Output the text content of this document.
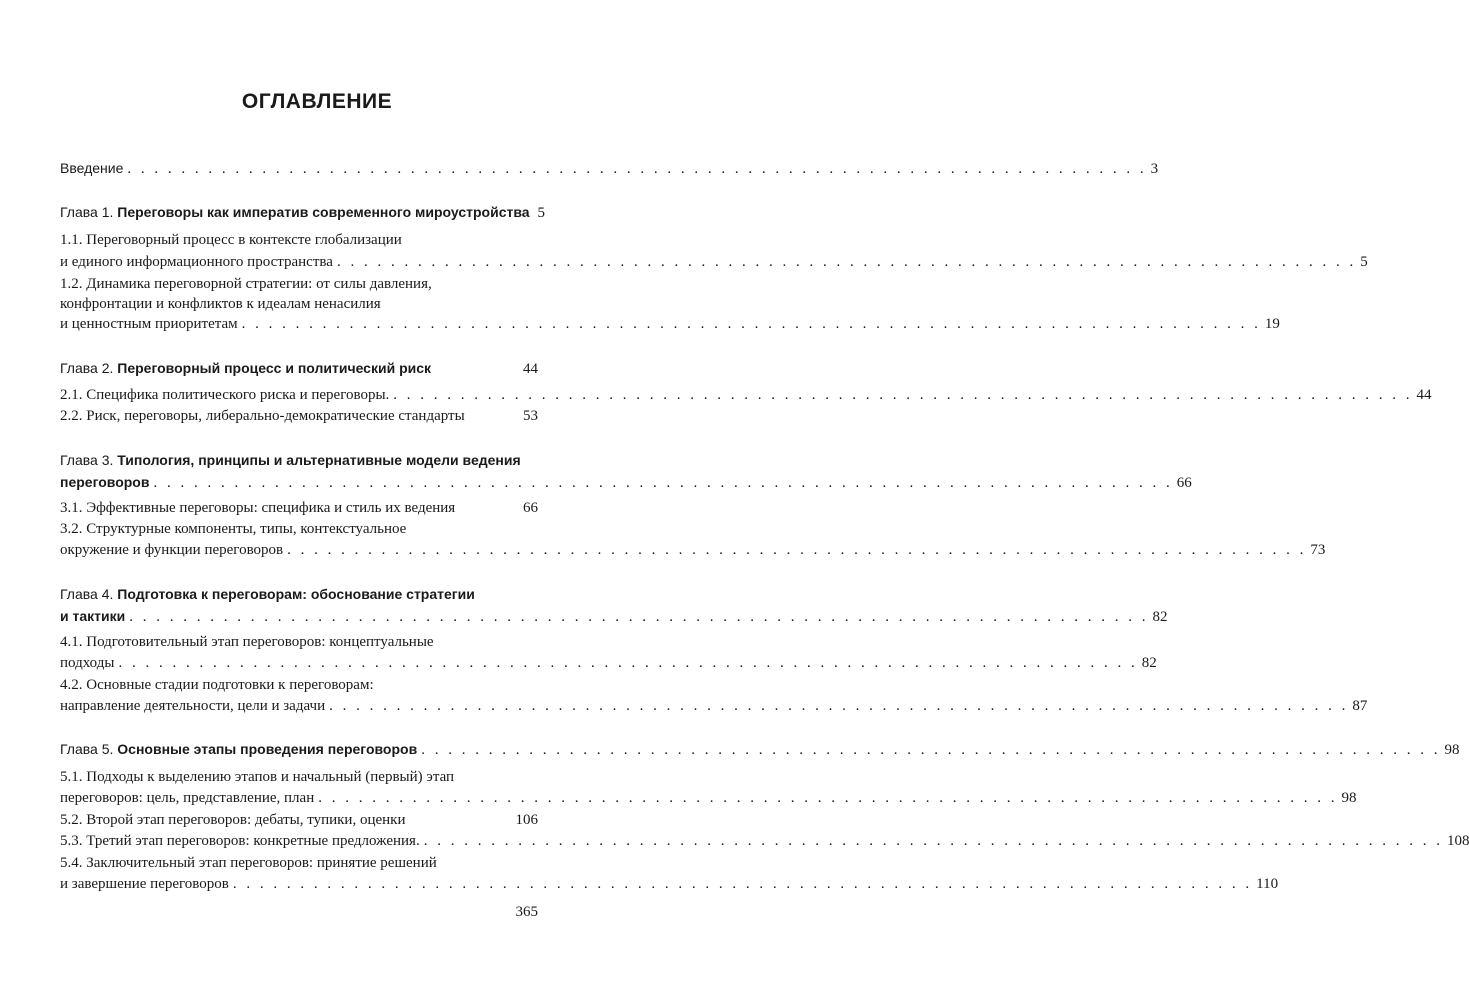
ОГЛАВЛЕНИЕ
Введение . . . . . . . . . . . . . . . . . . . . . . . . . . . . . . . . . . . . . . . . . . . . . . . . . . . . . . . . . . . . . . . . . . . . . . . . . . . . 3
Глава 1. Переговоры как императив современного мироустройства 5
1.1. Переговорный процесс в контексте глобализации
и единого информационного пространства . . . . . . . . . . . . . . . . . . . . . . . . . . . . . . . . . . . . . . . . . . . . . . . . . . . . . . . . . . . . . . . . . . . . . . . . . . . . 5
1.2. Динамика переговорной стратегии: от силы давления,
конфронтации и конфликтов к идеалам ненасилия
и ценностным приоритетам . . . . . . . . . . . . . . . . . . . . . . . . . . . . . . . . . . . . . . . . . . . . . . . . . . . . . . . . . . . . . . . . . . . . . . . . . . . . 19
Глава 2. Переговорный процесс и политический риск	44
2.1. Специфика политического риска и переговоры. . . . . . . . . . . . . . . . . . . . . . . . . . . . . . . . . . . . . . . . . . . . . . . . . . . . . . . . . . . . . . . . . . . . . . . . . . . . . 44
2.2. Риск, переговоры, либерально-демократические стандарты	53
Глава 3. Типология, принципы и альтернативные модели ведения
переговоров . . . . . . . . . . . . . . . . . . . . . . . . . . . . . . . . . . . . . . . . . . . . . . . . . . . . . . . . . . . . . . . . . . . . . . . . . . . . 66
3.1. Эффективные переговоры: специфика и стиль их ведения	66
3.2. Структурные компоненты, типы, контекстуальное
окружение и функции переговоров . . . . . . . . . . . . . . . . . . . . . . . . . . . . . . . . . . . . . . . . . . . . . . . . . . . . . . . . . . . . . . . . . . . . . . . . . . . . 73
Глава 4. Подготовка к переговорам: обоснование стратегии
и тактики . . . . . . . . . . . . . . . . . . . . . . . . . . . . . . . . . . . . . . . . . . . . . . . . . . . . . . . . . . . . . . . . . . . . . . . . . . . . 82
4.1. Подготовительный этап переговоров: концептуальные
подходы . . . . . . . . . . . . . . . . . . . . . . . . . . . . . . . . . . . . . . . . . . . . . . . . . . . . . . . . . . . . . . . . . . . . . . . . . . . . 82
4.2. Основные стадии подготовки к переговорам:
направление деятельности, цели и задачи . . . . . . . . . . . . . . . . . . . . . . . . . . . . . . . . . . . . . . . . . . . . . . . . . . . . . . . . . . . . . . . . . . . . . . . . . . . . 87
Глава 5. Основные этапы проведения переговоров . . . . . . . . . . . . . . . . . . . . . . . . . . . . . . . . . . . . . . . . . . . . . . . . . . . . . . . . . . . . . . . . . . . . . . . . . . . . 98
5.1. Подходы к выделению этапов и начальный (первый) этап
переговоров: цель, представление, план . . . . . . . . . . . . . . . . . . . . . . . . . . . . . . . . . . . . . . . . . . . . . . . . . . . . . . . . . . . . . . . . . . . . . . . . . . . . 98
5.2. Второй этап переговоров: дебаты, тупики, оценки	106
5.3. Третий этап переговоров: конкретные предложения. . . . . . . . . . . . . . . . . . . . . . . . . . . . . . . . . . . . . . . . . . . . . . . . . . . . . . . . . . . . . . . . . . . . . . . . . . . . . 108
5.4. Заключительный этап переговоров: принятие решений
и завершение переговоров . . . . . . . . . . . . . . . . . . . . . . . . . . . . . . . . . . . . . . . . . . . . . . . . . . . . . . . . . . . . . . . . . . . . . . . . . . . . 110
365
